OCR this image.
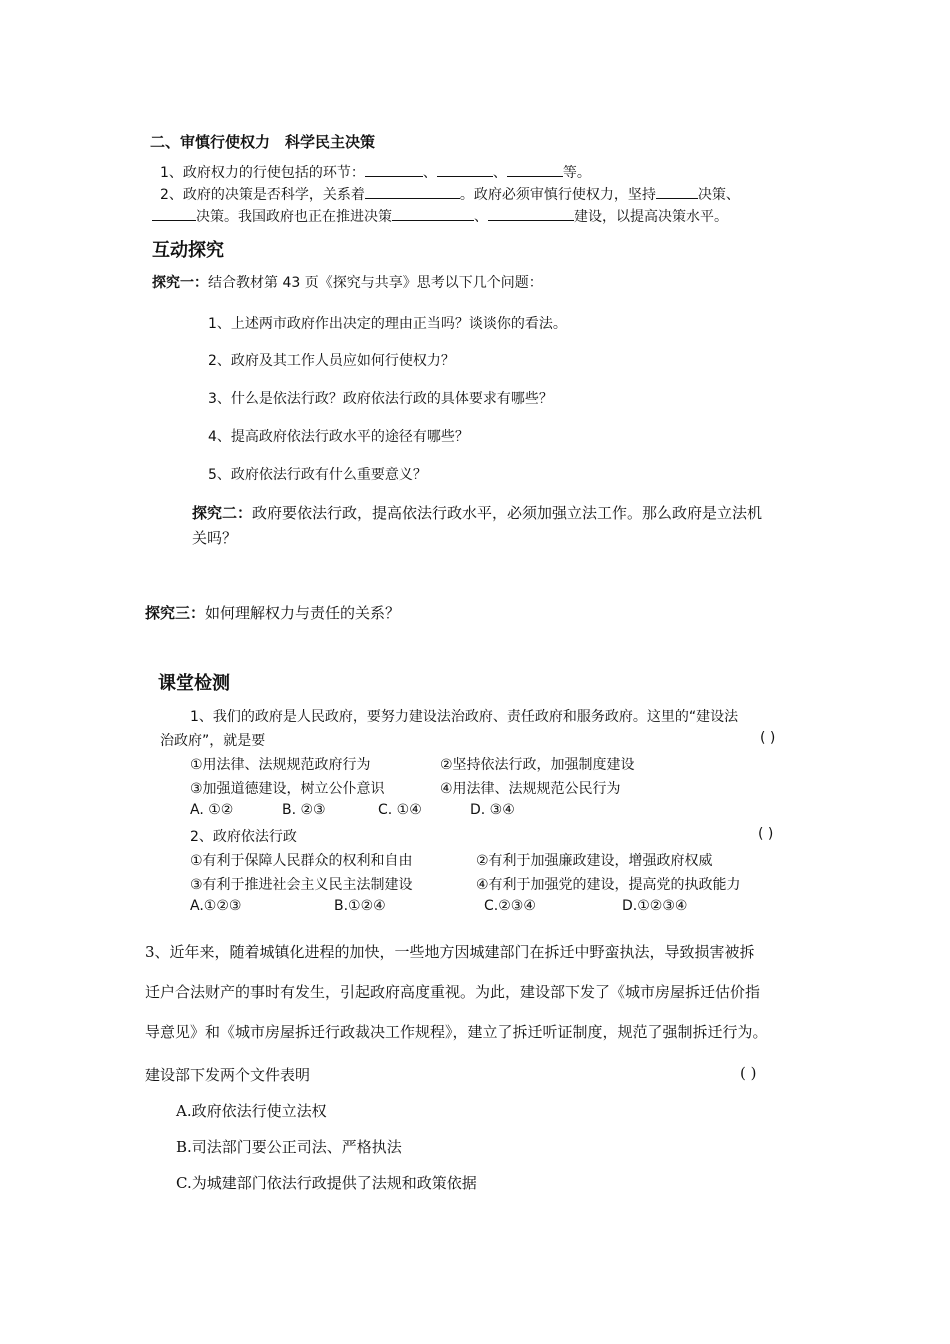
二、审慎行使权力　科学民主决策
1、政府权力的行使包括的环节：	、	、	等。
2、政府的决策是否科学，关系着	。政府必须审慎行使权力，坚持	决策、
决策。我国政府也正在推进决策	、	建设，以提高决策水平。
互动探究
探究一：结合教材第 43 页《探究与共享》思考以下几个问题：
1、上述两市政府作出决定的理由正当吗？谈谈你的看法。
2、政府及其工作人员应如何行使权力？
3、什么是依法行政？政府依法行政的具体要求有哪些？
4、提高政府依法行政水平的途径有哪些？
5、政府依法行政有什么重要意义？
探究二：政府要依法行政，提高依法行政水平，必须加强立法工作。那么政府是立法机
关吗？
探究三：如何理解权力与责任的关系？
课堂检测
1、我们的政府是人民政府，要努力建设法治政府、责任政府和服务政府。这里的“建设法
治政府”，就是要	( )
①用法律、法规规范政府行为	②坚持依法行政，加强制度建设
③加强道德建设，树立公仆意识	④用法律、法规规范公民行为
A. ①②	B. ②③	C. ①④	D. ③④
2、政府依法行政	( )
①有利于保障人民群众的权利和自由	②有利于加强廉政建设，增强政府权威
③有利于推进社会主义民主法制建设	④有利于加强党的建设，提高党的执政能力
A.①②③	B.①②④	C.②③④	D.①②③④
3、近年来，随着城镇化进程的加快，一些地方因城建部门在拆迁中野蛮执法，导致损害被拆
迁户合法财产的事时有发生，引起政府高度重视。为此，建设部下发了《城市房屋拆迁估价指
导意见》和《城市房屋拆迁行政裁决工作规程》，建立了拆迁听证制度，规范了强制拆迁行为。
建设部下发两个文件表明	( )
A.政府依法行使立法权
B.司法部门要公正司法、严格执法
C.为城建部门依法行政提供了法规和政策依据
